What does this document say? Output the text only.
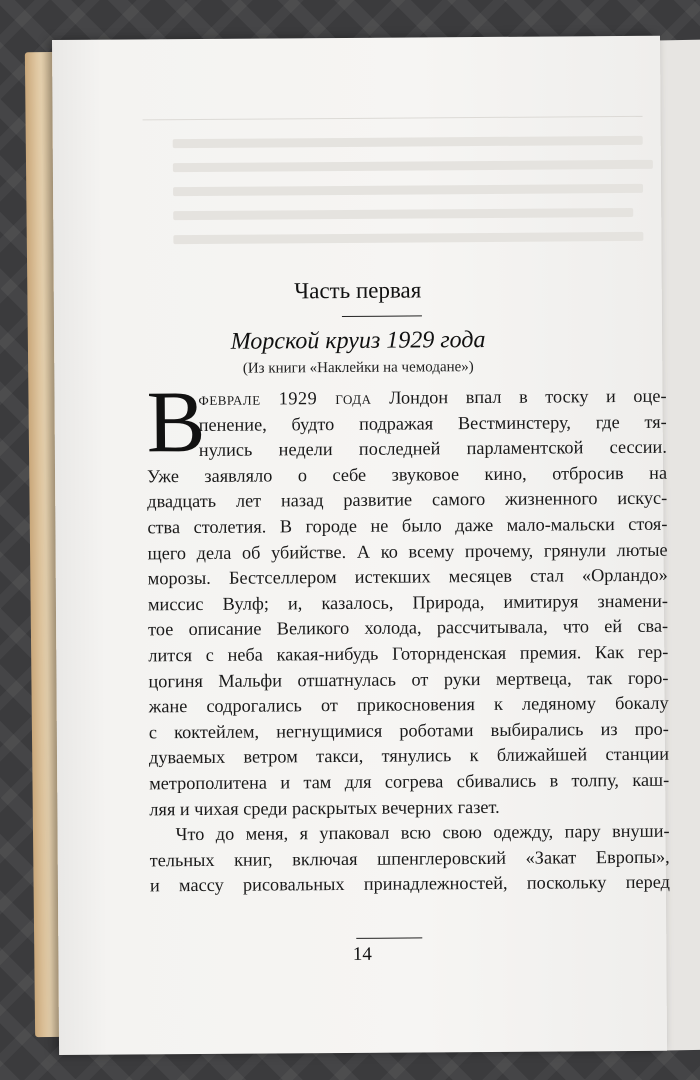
Часть первая
Морской круиз 1929 года
(Из книги «Наклейки на чемодане»)
В
феврале 1929 года Лондон впал в тоску и оце-
пенение, будто подражая Вестминстеру, где тя-
нулись недели последней парламентской сессии.
Уже заявляло о себе звуковое кино, отбросив на
двадцать лет назад развитие самого жизненного искус-
ства столетия. В городе не было даже мало-мальски стоя-
щего дела об убийстве. А ко всему прочему, грянули лютые
морозы. Бестселлером истекших месяцев стал «Орландо»
миссис Вулф; и, казалось, Природа, имитируя знамени-
тое описание Великого холода, рассчитывала, что ей сва-
лится с неба какая-нибудь Готорнденская премия. Как гер-
цогиня Мальфи отшатнулась от руки мертвеца, так горо-
жане содрогались от прикосновения к ледяному бокалу
с коктейлем, негнущимися роботами выбирались из про-
дуваемых ветром такси, тянулись к ближайшей станции
метрополитена и там для согрева сбивались в толпу, каш-
ляя и чихая среди раскрытых вечерних газет.
Что до меня, я упаковал всю свою одежду, пару внуши-
тельных книг, включая шпенглеровский «Закат Европы»,
и массу рисовальных принадлежностей, поскольку перед
14
